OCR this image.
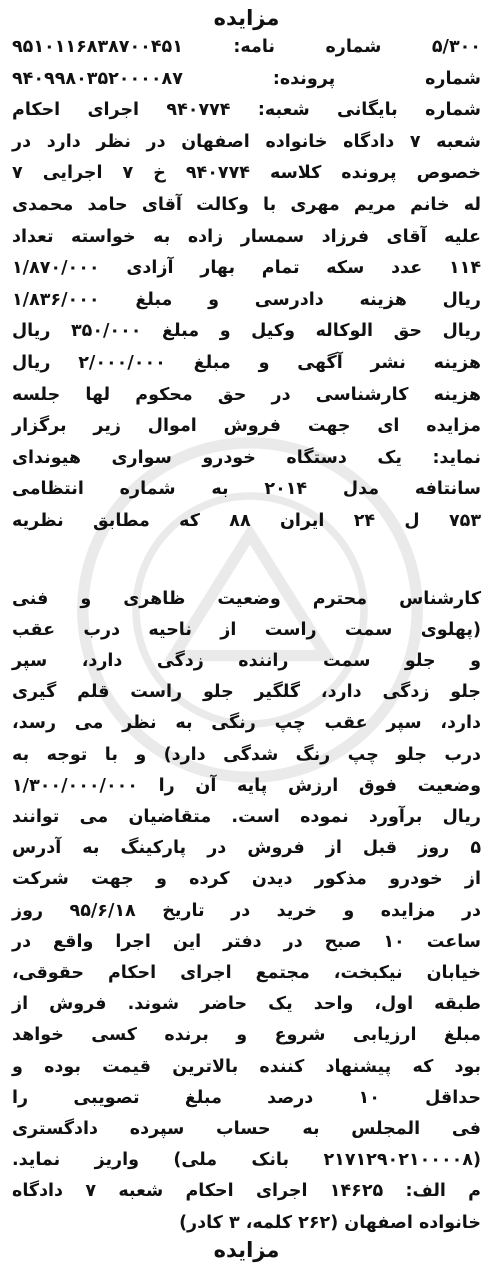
مزایده

۵/۳۰۰ شماره نامه: ۹۵۱۰۱۱۶۸۳۸۷۰۰۴۵۱
شماره پرونده: ۹۴۰۹۹۸۰۳۵۲۰۰۰۰۸۷
شماره بایگانی شعبه: ۹۴۰۷۷۴ اجرای احکام
شعبه ۷ دادگاه خانواده اصفهان در نظر دارد در
خصوص پرونده کلاسه ۹۴۰۷۷۴ خ ۷ اجرایی ۷
له خانم مریم مهری با وکالت آقای حامد محمدی
علیه آقای فرزاد سمسار زاده به خواسته تعداد
۱۱۴ عدد سکه تمام بهار آزادی ۱/۸۷۰/۰۰۰
ریال هزینه دادرسی و مبلغ ۱/۸۳۶/۰۰۰
ریال حق الوکاله وکیل و مبلغ ۳۵۰/۰۰۰ ریال
هزینه نشر آگهی و مبلغ ۲/۰۰۰/۰۰۰ ریال
هزینه کارشناسی در حق محکوم لها جلسه
مزایده ای جهت فروش اموال زیر برگزار
نماید: یک دستگاه خودرو سواری هیوندای
سانتافه مدل ۲۰۱۴ به شماره انتظامی
۷۵۳ ل ۲۴ ایران ۸۸ که مطابق نظریه

کارشناس محترم وضعیت ظاهری و فنی
(پهلوی سمت راست از ناحیه درب عقب
و جلو سمت راننده زدگی دارد، سپر
جلو زدگی دارد، گلگیر جلو راست قلم گیری
دارد، سپر عقب چپ رنگی به نظر می رسد،
درب جلو چپ رنگ شدگی دارد) و با توجه به
وضعیت فوق ارزش پایه آن را ۱/۳۰۰/۰۰۰/۰۰۰
ریال برآورد نموده است. متقاضیان می توانند
۵ روز قبل از فروش در پارکینگ به آدرس
از خودرو مذکور دیدن کرده و جهت شرکت
در مزایده و خرید در تاریخ ۹۵/۶/۱۸ روز
ساعت ۱۰ صبح در دفتر این اجرا واقع در
خیابان نیکبخت، مجتمع اجرای احکام حقوقی،
طبقه اول، واحد یک حاضر شوند. فروش از
مبلغ ارزیابی شروع و برنده کسی خواهد
بود که پیشنهاد کننده بالاترین قیمت بوده و
حداقل ۱۰ درصد مبلغ تصویبی را
فی المجلس به حساب سپرده دادگستری
(۲۱۷۱۲۹۰۲۱۰۰۰۰۸ بانک ملی) واریز نماید.
م الف: ۱۴۶۲۵ اجرای احکام شعبه ۷ دادگاه
خانواده اصفهان (۲۶۲ کلمه، ۳ کادر)

مزایده
